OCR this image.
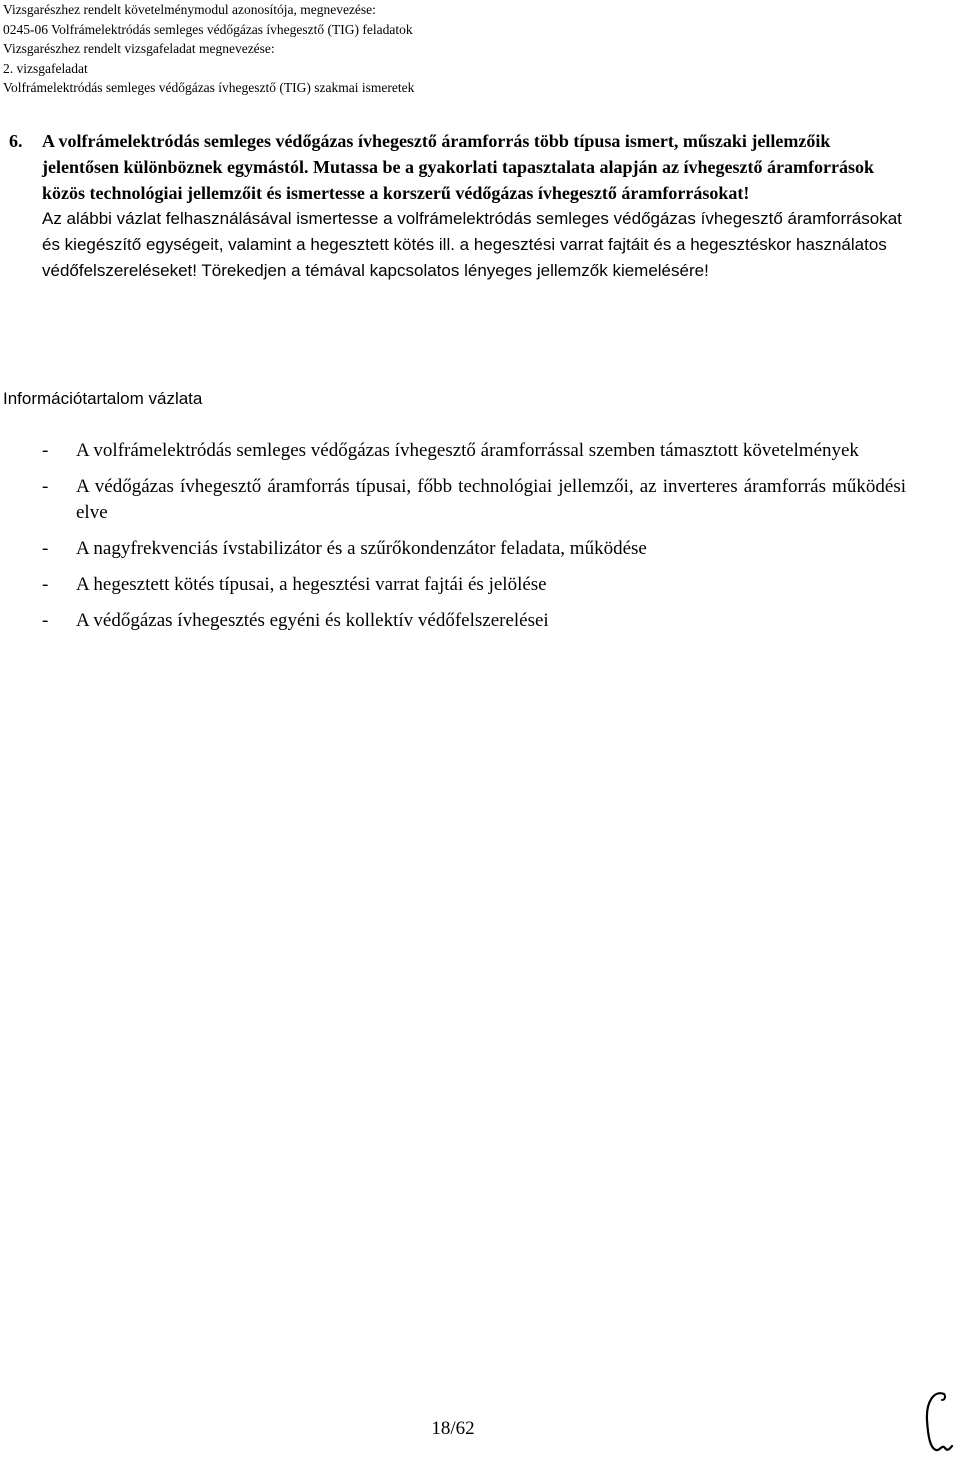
Vizsgarészhez rendelt követelménymodul azonosítója, megnevezése:
0245-06 Volfrámelektródás semleges védőgázas ívhegesztő (TIG) feladatok
Vizsgarészhez rendelt vizsgafeladat megnevezése:
2. vizsgafeladat
Volfrámelektródás semleges védőgázas ívhegesztő (TIG) szakmai ismeretek
6. A volfrámelektródás semleges védőgázas ívhegesztő áramforrás több típusa ismert, műszaki jellemzőik jelentősen különböznek egymástól. Mutassa be a gyakorlati tapasztalata alapján az ívhegesztő áramforrások közös technológiai jellemzőit és ismertesse a korszerű védőgázas ívhegesztő áramforrásokat!
Az alábbi vázlat felhasználásával ismertesse a volfrámelektródás semleges védőgázas ívhegesztő áramforrásokat és kiegészítő egységeit, valamint a hegesztett kötés ill. a hegesztési varrat fajtáit és a hegesztéskor használatos védőfelszereléseket! Törekedjen a témával kapcsolatos lényeges jellemzők kiemelésére!
Információtartalom vázlata
- A volfrámelektródás semleges védőgázas ívhegesztő áramforrással szemben támasztott követelmények
- A védőgázas ívhegesztő áramforrás típusai, főbb technológiai jellemzői, az inverteres áramforrás működési elve
- A nagyfrekvenciás ívstabilizátor és a szűrőkondenzátor feladata, működése
- A hegesztett kötés típusai, a hegesztési varrat fajtái és jelölése
- A védőgázas ívhegesztés egyéni és kollektív védőfelszerelései
18/62
